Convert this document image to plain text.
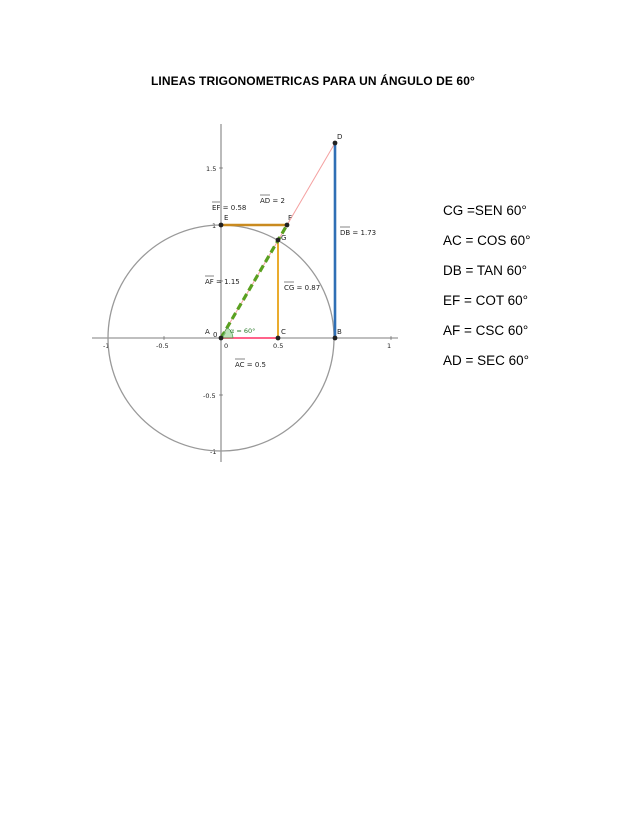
LINEAS TRIGONOMETRICAS PARA UN ÁNGULO DE 60°
-1	-0.5	0	0.5	1
1.5
1
-0.5
-1
α = 60°
A 0	B
C
D
E	F
G
EF = 0.58
AD = 2
DB = 1.73
AF = 1.15
CG = 0.87
AC = 0.5
CG =SEN 60°
AC = COS 60°
DB = TAN 60°
EF = COT 60°
AF = CSC 60°
AD = SEC 60°
